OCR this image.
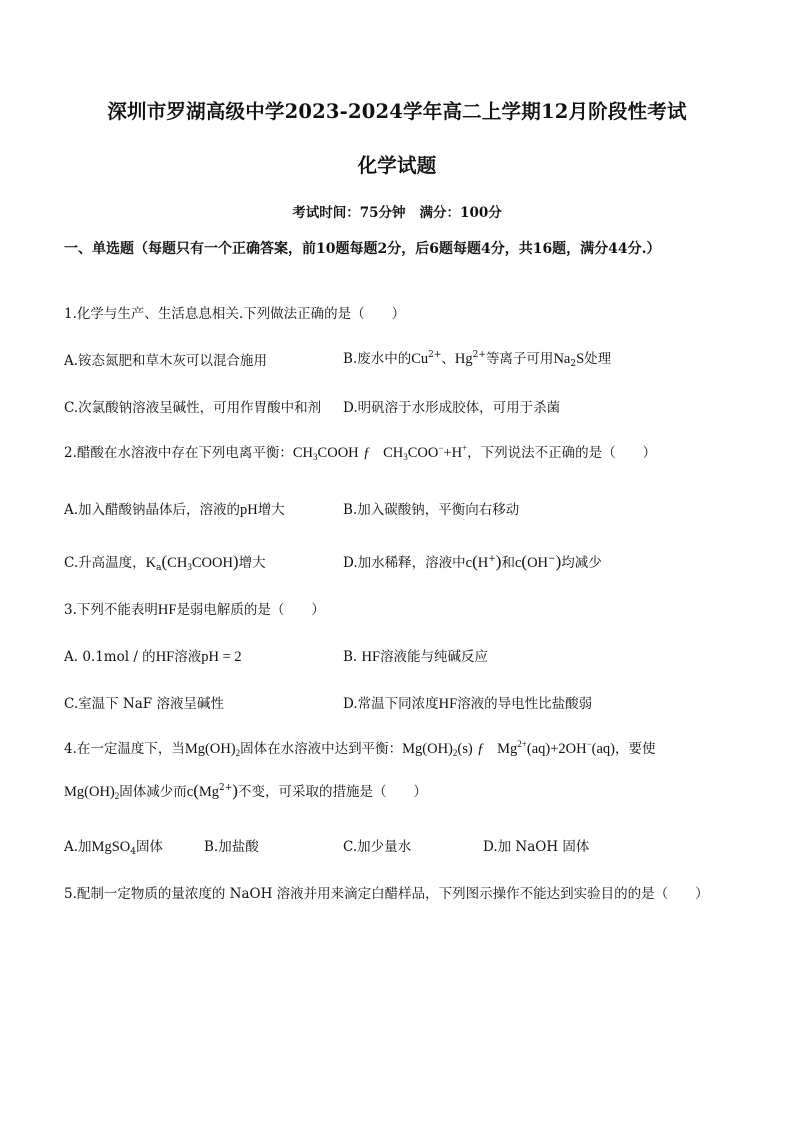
深圳市罗湖高级中学2023-2024学年高二上学期12月阶段性考试
化学试题
考试时间：75分钟 满分：100分
一、单选题（每题只有一个正确答案，前10题每题2分，后6题每题4分，共16题，满分44分.）
1.化学与生产、生活息息相关.下列做法正确的是（　　）
A.铵态氮肥和草木灰可以混合施用	B.废水中的$Cu^{2+}$、$Hg^{2+}$等离子可用$Na_2S$处理
C.次氯酸钠溶液呈碱性，可用作胃酸中和剂 D.明矾溶于水形成胶体，可用于杀菌
2.醋酸在水溶液中存在下列电离平衡：$CH_3COOH$ ƒ $CH_3COO^-+H^+$，下列说法不正确的是（　　）
A.加入醋酸钠晶体后，溶液的pH增大	B.加入碳酸钠，平衡向右移动
C.升高温度，$K_a(CH_3COOH)$增大	D.加水稀释，溶液中c(H+)和c(OH−)均减少
3.下列不能表明HF是弱电解质的是（　　）
A. 0.1mol / 的HF溶液pH = 2	B. HF溶液能与纯碱反应
C.室温下 NaF 溶液呈碱性	D.常温下同浓度HF溶液的导电性比盐酸弱
4.在一定温度下，当$Mg(OH)_2$固体在水溶液中达到平衡：$Mg(OH)_2(s)$ ƒ $Mg^{2+}(aq)+2OH^-(aq)$，要使
$Mg(OH)_2$固体减少而$c(Mg^{2+})$不变，可采取的措施是（　　）
A.加MgSO$_4$固体	B.加盐酸	C.加少量水	D.加 NaOH 固体
5.配制一定物质的量浓度的 NaOH 溶液并用来滴定白醋样品，下列图示操作不能达到实验目的的是（　　）
